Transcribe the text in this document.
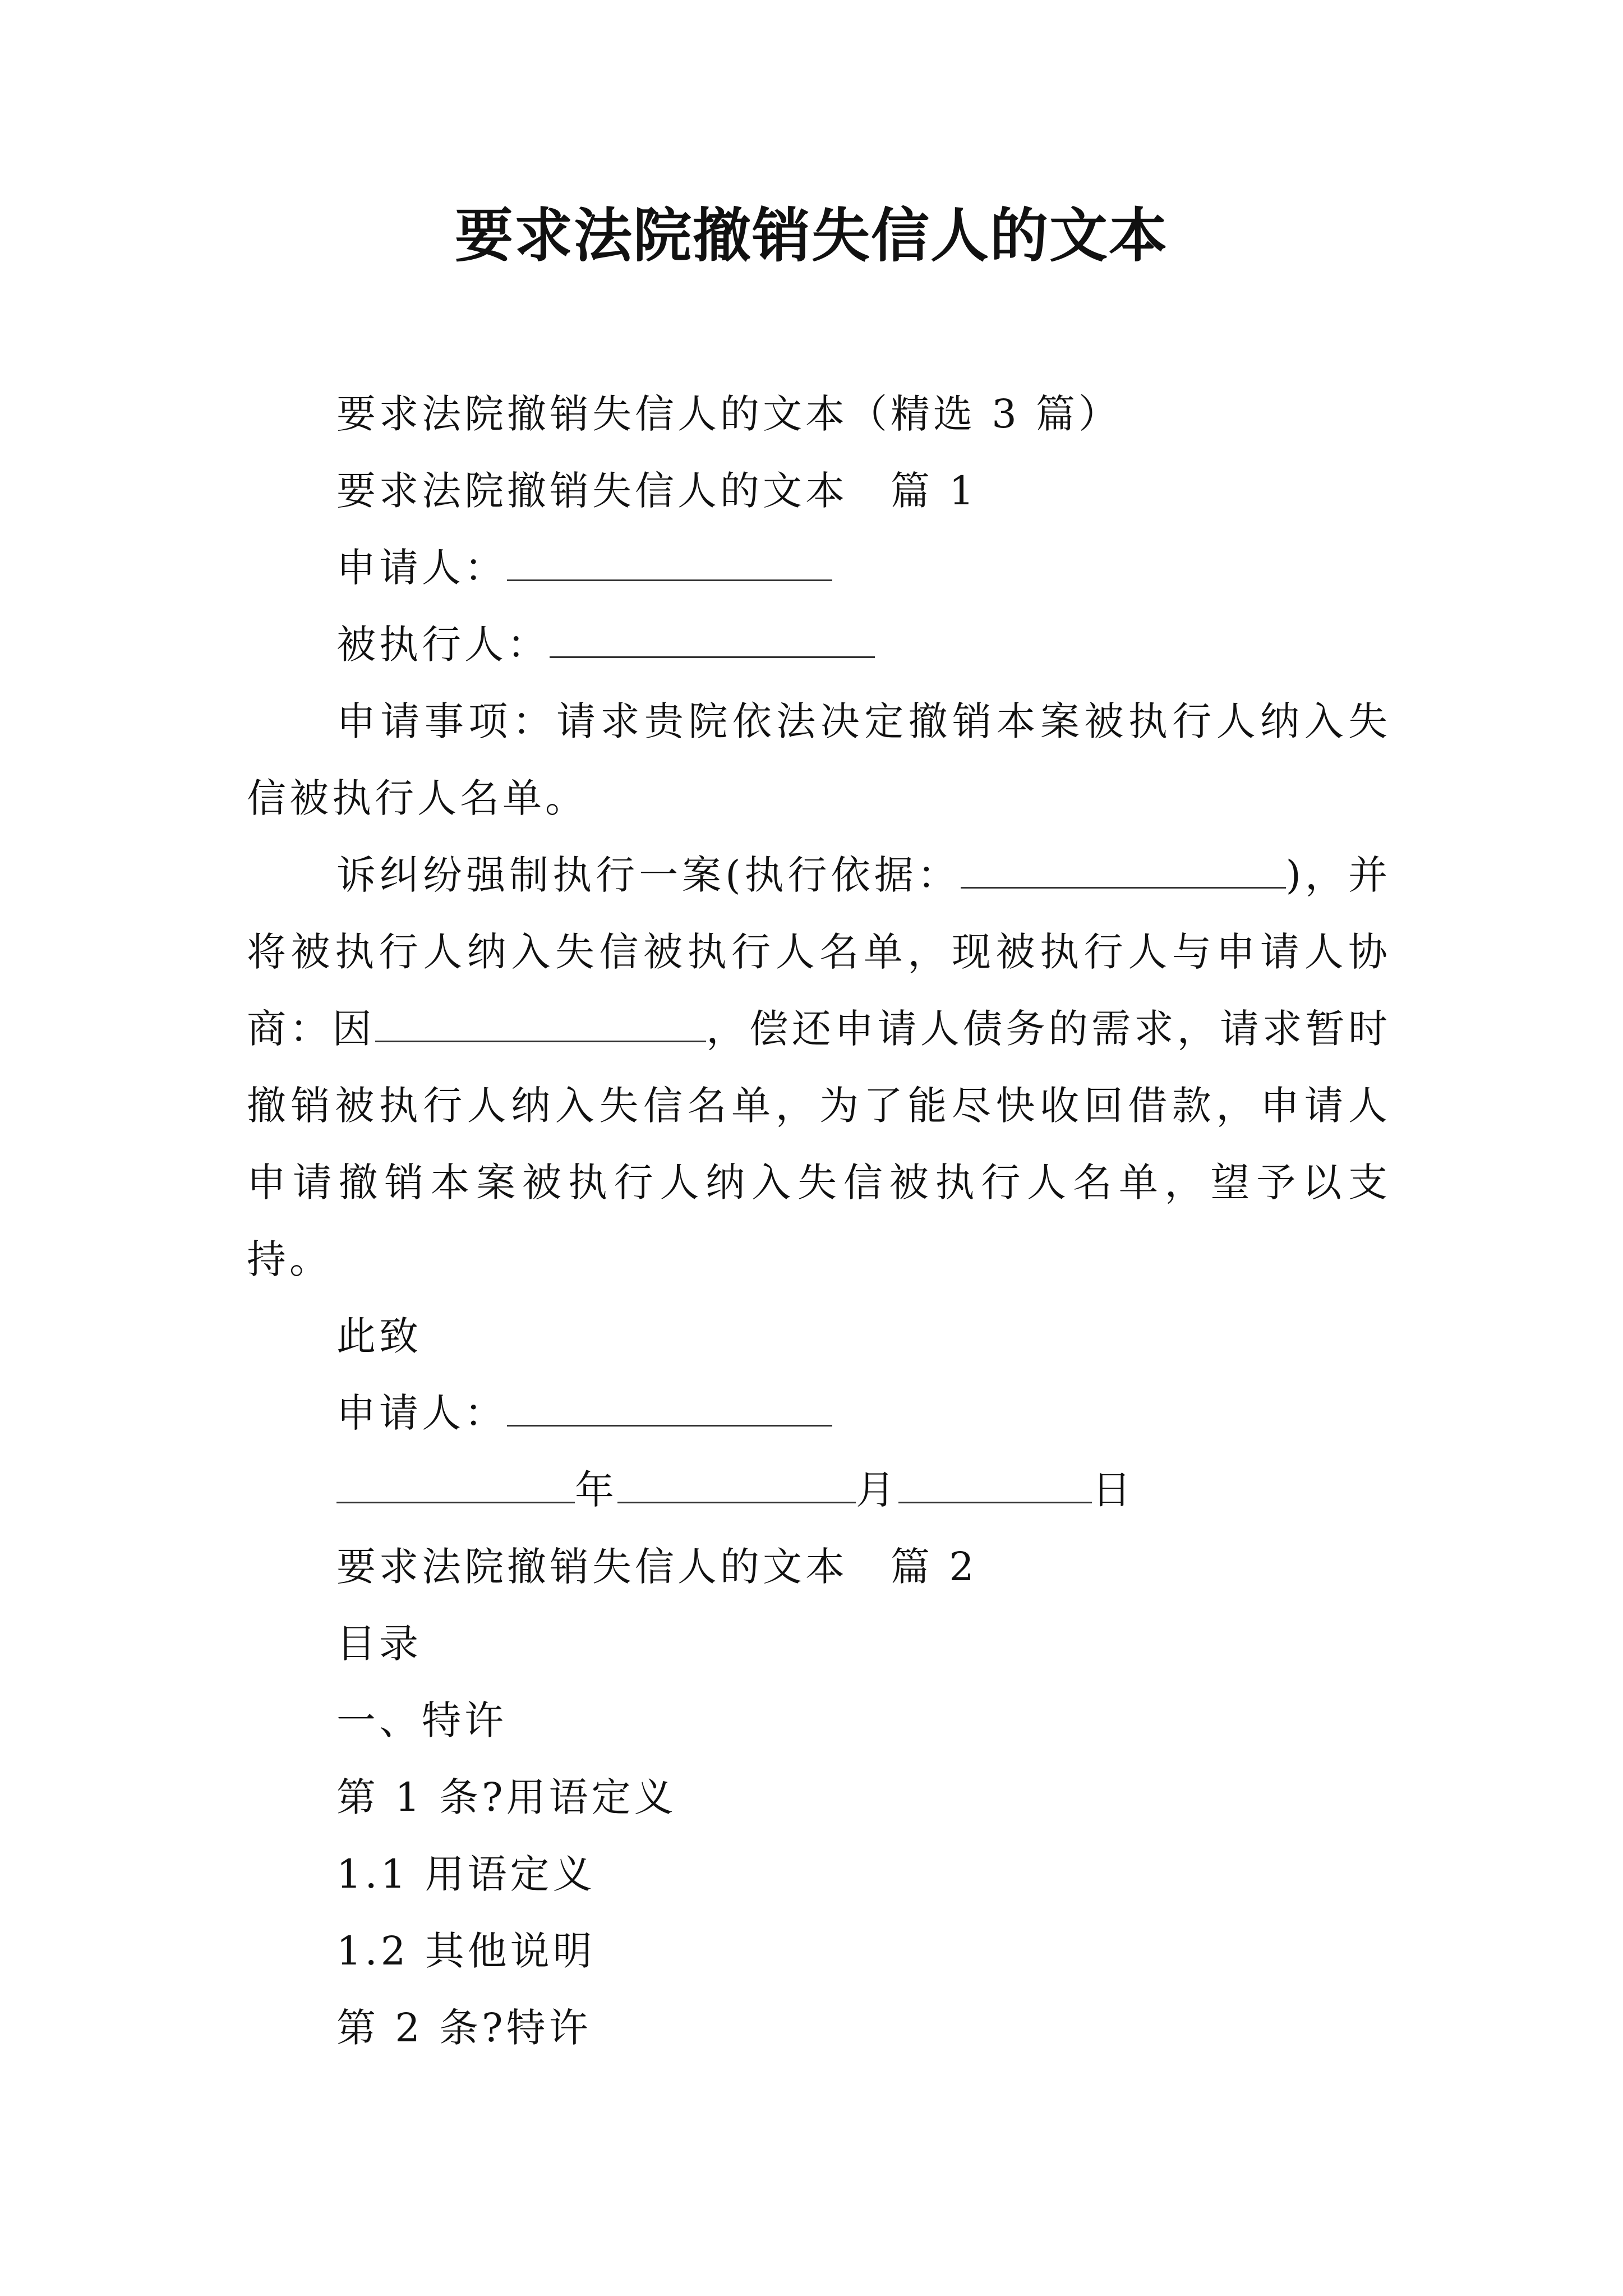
要求法院撤销失信人的文本

要求法院撤销失信人的文本（精选 3 篇）

要求法院撤销失信人的文本　篇 1

申请人：

被执行人：

申请事项：请求贵院依法决定撤销本案被执行人纳入失信被执行人名单。

诉纠纷强制执行一案(执行依据：	)，并将被执行人纳入失信被执行人名单，现被执行人与申请人协商：因	，偿还申请人债务的需求，请求暂时撤销被执行人纳入失信名单，为了能尽快收回借款，申请人申请撤销本案被执行人纳入失信被执行人名单，望予以支持。

此致

申请人：

年	月	日

要求法院撤销失信人的文本　篇 2

目录

一、特许

第 1 条?用语定义

1.1 用语定义

1.2 其他说明

第 2 条?特许
